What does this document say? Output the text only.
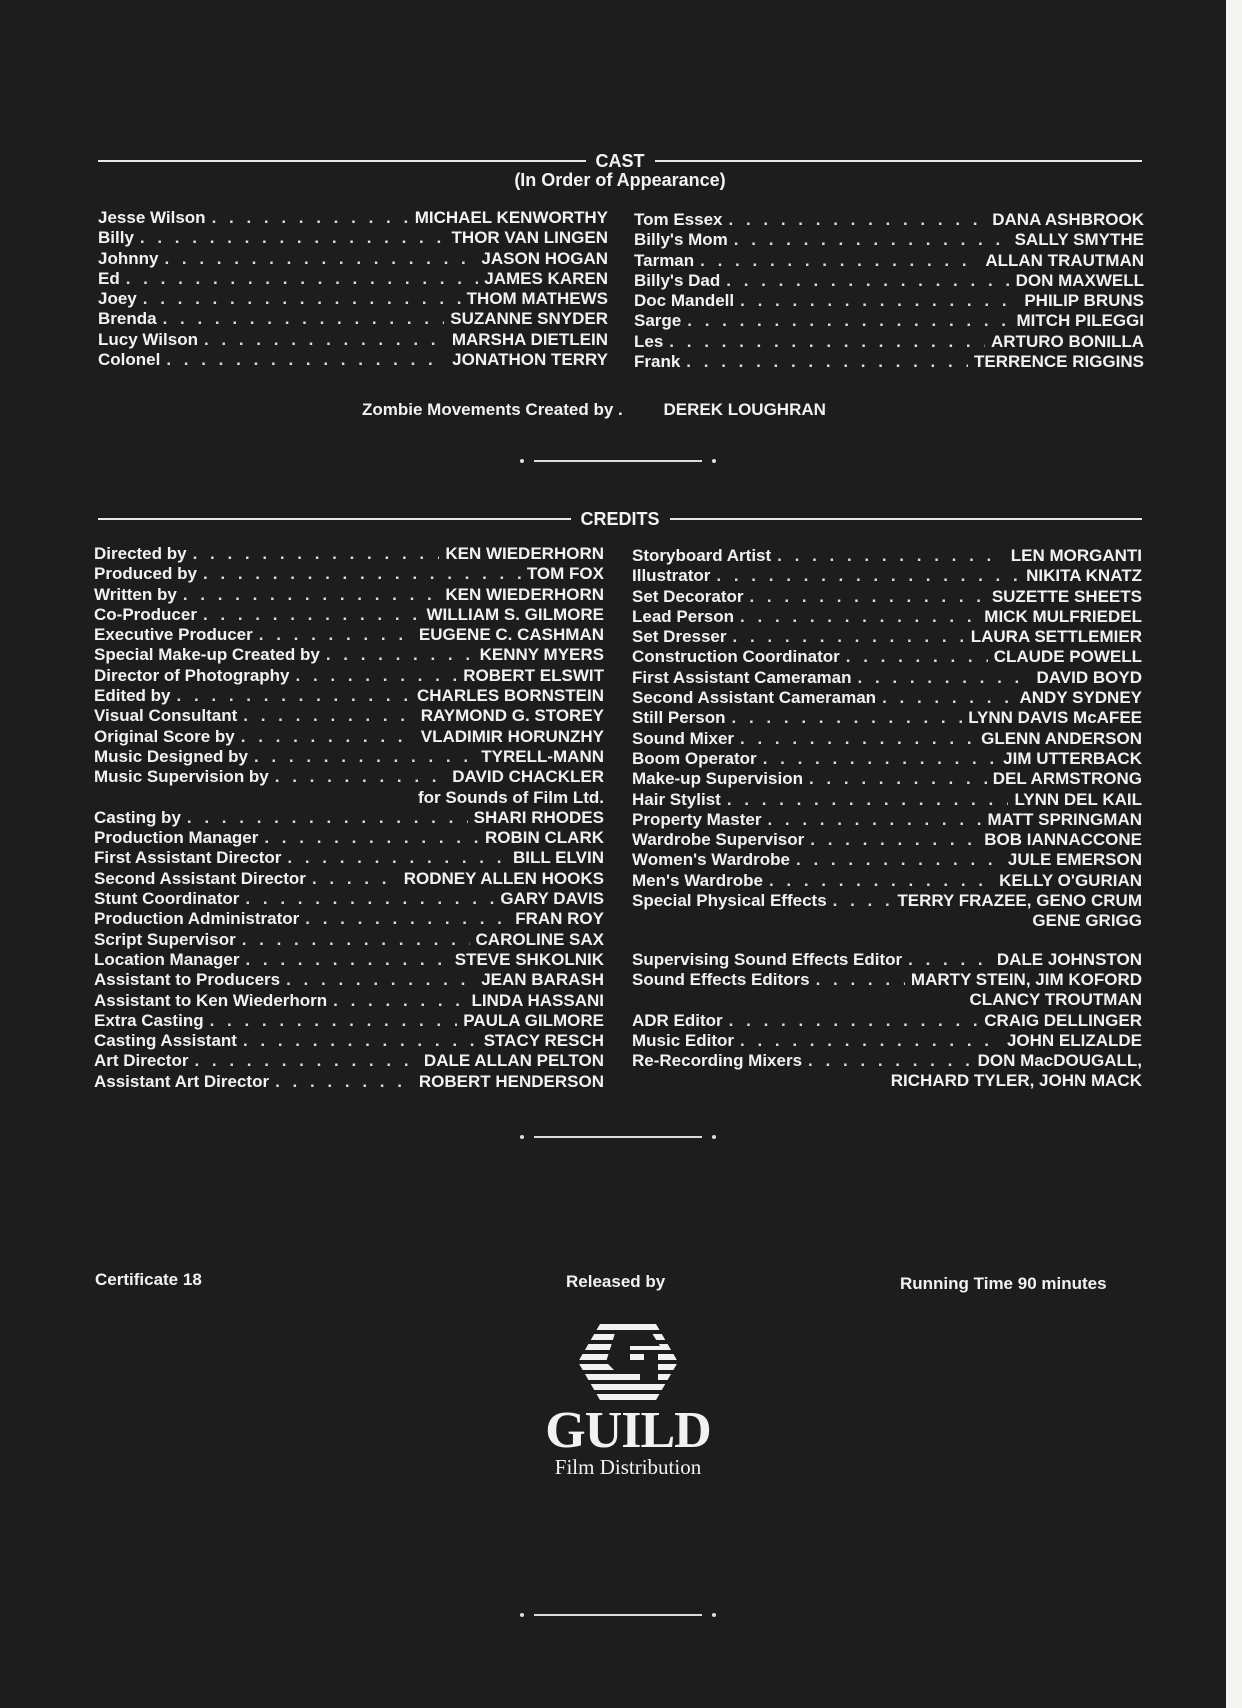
CAST
(In Order of Appearance)
Jesse Wilson . . .	MICHAEL KENWORTHY
Billy . . .	THOR VAN LINGEN
Johnny . . .	JASON HOGAN
Ed . . .	JAMES KAREN
Joey . . .	THOM MATHEWS
Brenda . . .	SUZANNE SNYDER
Lucy Wilson . . .	MARSHA DIETLEIN
Colonel . . .	JONATHON TERRY
Tom Essex . . .	DANA ASHBROOK
Billy's Mom . . .	SALLY SMYTHE
Tarman . . .	ALLAN TRAUTMAN
Billy's Dad . . .	DON MAXWELL
Doc Mandell . . .	PHILIP BRUNS
Sarge . . .	MITCH PILEGGI
Les . . .	ARTURO BONILLA
Frank . . .	TERRENCE RIGGINS
Zombie Movements Created by . DEREK LOUGHRAN
CREDITS
Directed by . . .	KEN WIEDERHORN
Produced by . . .	TOM FOX
Written by . . .	KEN WIEDERHORN
Co-Producer . . .	WILLIAM S. GILMORE
Executive Producer . . .	EUGENE C. CASHMAN
Special Make-up Created by . . .	KENNY MYERS
Director of Photography . . .	ROBERT ELSWIT
Edited by . . .	CHARLES BORNSTEIN
Visual Consultant . . .	RAYMOND G. STOREY
Original Score by . . .	VLADIMIR HORUNZHY
Music Designed by . . .	TYRELL-MANN
Music Supervision by . . .	DAVID CHACKLER
for Sounds of Film Ltd.
Casting by . . .	SHARI RHODES
Production Manager . . .	ROBIN CLARK
First Assistant Director . . .	BILL ELVIN
Second Assistant Director . . .	RODNEY ALLEN HOOKS
Stunt Coordinator . . .	GARY DAVIS
Production Administrator . . .	FRAN ROY
Script Supervisor . . .	CAROLINE SAX
Location Manager . . .	STEVE SHKOLNIK
Assistant to Producers . . .	JEAN BARASH
Assistant to Ken Wiederhorn . . .	LINDA HASSANI
Extra Casting . . .	PAULA GILMORE
Casting Assistant . . .	STACY RESCH
Art Director . . .	DALE ALLAN PELTON
Assistant Art Director . . .	ROBERT HENDERSON
Storyboard Artist . . .	LEN MORGANTI
Illustrator . . .	NIKITA KNATZ
Set Decorator . . .	SUZETTE SHEETS
Lead Person . . .	MICK MULFRIEDEL
Set Dresser . . .	LAURA SETTLEMIER
Construction Coordinator . . .	CLAUDE POWELL
First Assistant Cameraman . . .	DAVID BOYD
Second Assistant Cameraman . . .	ANDY SYDNEY
Still Person . . .	LYNN DAVIS McAFEE
Sound Mixer . . .	GLENN ANDERSON
Boom Operator . . .	JIM UTTERBACK
Make-up Supervision . . .	DEL ARMSTRONG
Hair Stylist . . .	LYNN DEL KAIL
Property Master . . .	MATT SPRINGMAN
Wardrobe Supervisor . . .	BOB IANNACCONE
Women's Wardrobe . . .	JULE EMERSON
Men's Wardrobe . . .	KELLY O'GURIAN
Special Physical Effects . . .	TERRY FRAZEE, GENO CRUM
GENE GRIGG
Supervising Sound Effects Editor . . .	DALE JOHNSTON
Sound Effects Editors . . .	MARTY STEIN, JIM KOFORD
CLANCY TROUTMAN
ADR Editor . . .	CRAIG DELLINGER
Music Editor . . .	JOHN ELIZALDE
Re-Recording Mixers . . .	DON MacDOUGALL,
RICHARD TYLER, JOHN MACK
Certificate 18	Released by	Running Time 90 minutes
GUILD
Film Distribution
